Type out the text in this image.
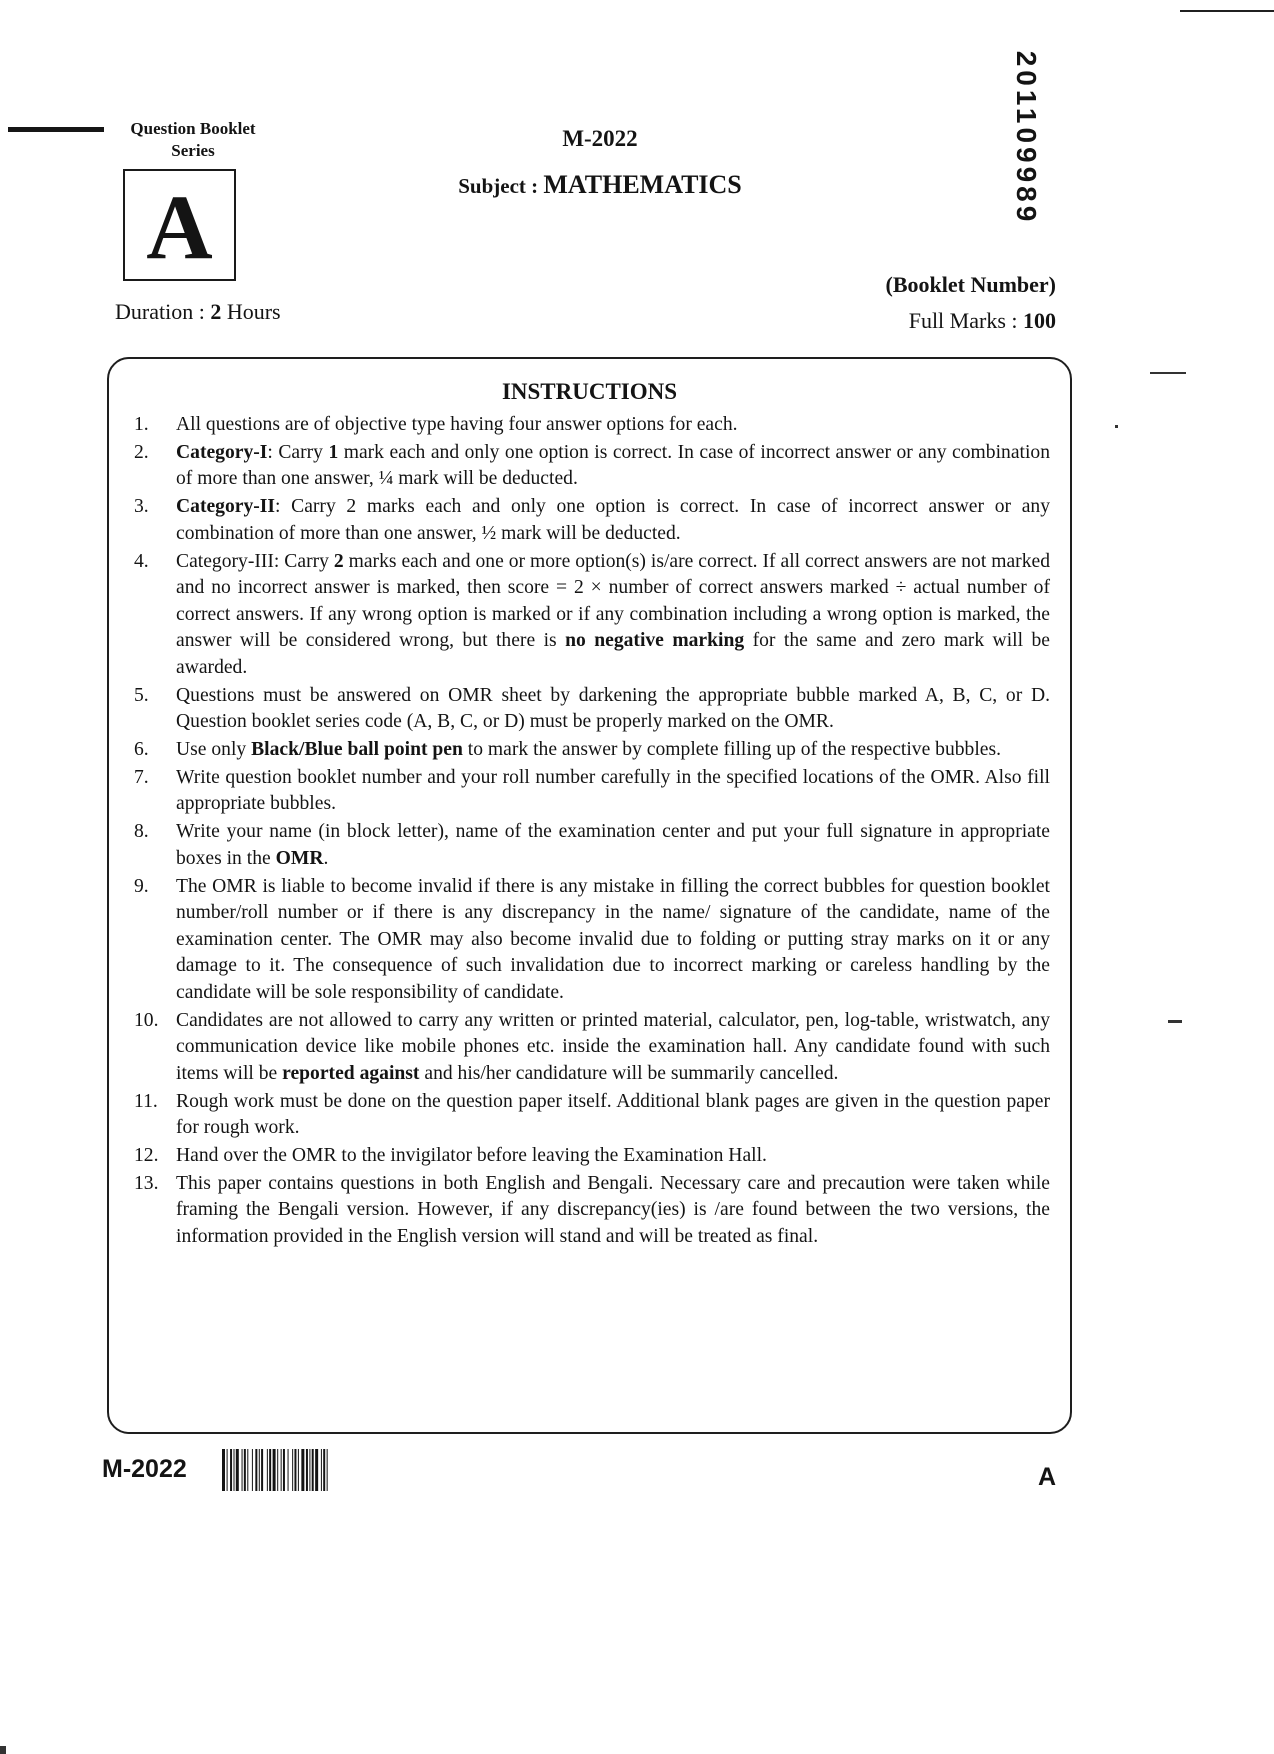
Question Booklet Series
A
M-2022
Subject : MATHEMATICS	201109989
(Booklet Number)
Duration : 2 Hours	Full Marks : 100
INSTRUCTIONS
1.	All questions are of objective type having four answer options for each.
2.	Category-I: Carry 1 mark each and only one option is correct. In case of incorrect answer or any combination of more than one answer, ¼ mark will be deducted.
3.	Category-II: Carry 2 marks each and only one option is correct. In case of incorrect answer or any combination of more than one answer, ½ mark will be deducted.
4.	Category-III: Carry 2 marks each and one or more option(s) is/are correct. If all correct answers are not marked and no incorrect answer is marked, then score = 2 × number of correct answers marked ÷ actual number of correct answers. If any wrong option is marked or if any combination including a wrong option is marked, the answer will be considered wrong, but there is no negative marking for the same and zero mark will be awarded.
5.	Questions must be answered on OMR sheet by darkening the appropriate bubble marked A, B, C, or D. Question booklet series code (A, B, C, or D) must be properly marked on the OMR.
6.	Use only Black/Blue ball point pen to mark the answer by complete filling up of the respective bubbles.
7.	Write question booklet number and your roll number carefully in the specified locations of the OMR. Also fill appropriate bubbles.
8.	Write your name (in block letter), name of the examination center and put your full signature in appropriate boxes in the OMR.
9.	The OMR is liable to become invalid if there is any mistake in filling the correct bubbles for question booklet number/roll number or if there is any discrepancy in the name/ signature of the candidate, name of the examination center. The OMR may also become invalid due to folding or putting stray marks on it or any damage to it. The consequence of such invalidation due to incorrect marking or careless handling by the candidate will be sole responsibility of candidate.
10. Candidates are not allowed to carry any written or printed material, calculator, pen, log-table, wristwatch, any communication device like mobile phones etc. inside the examination hall. Any candidate found with such items will be reported against and his/her candidature will be summarily cancelled.
11. Rough work must be done on the question paper itself. Additional blank pages are given in the question paper for rough work.
12. Hand over the OMR to the invigilator before leaving the Examination Hall.
13. This paper contains questions in both English and Bengali. Necessary care and precaution were taken while framing the Bengali version. However, if any discrepancy(ies) is /are found between the two versions, the information provided in the English version will stand and will be treated as final.
M-2022	A
